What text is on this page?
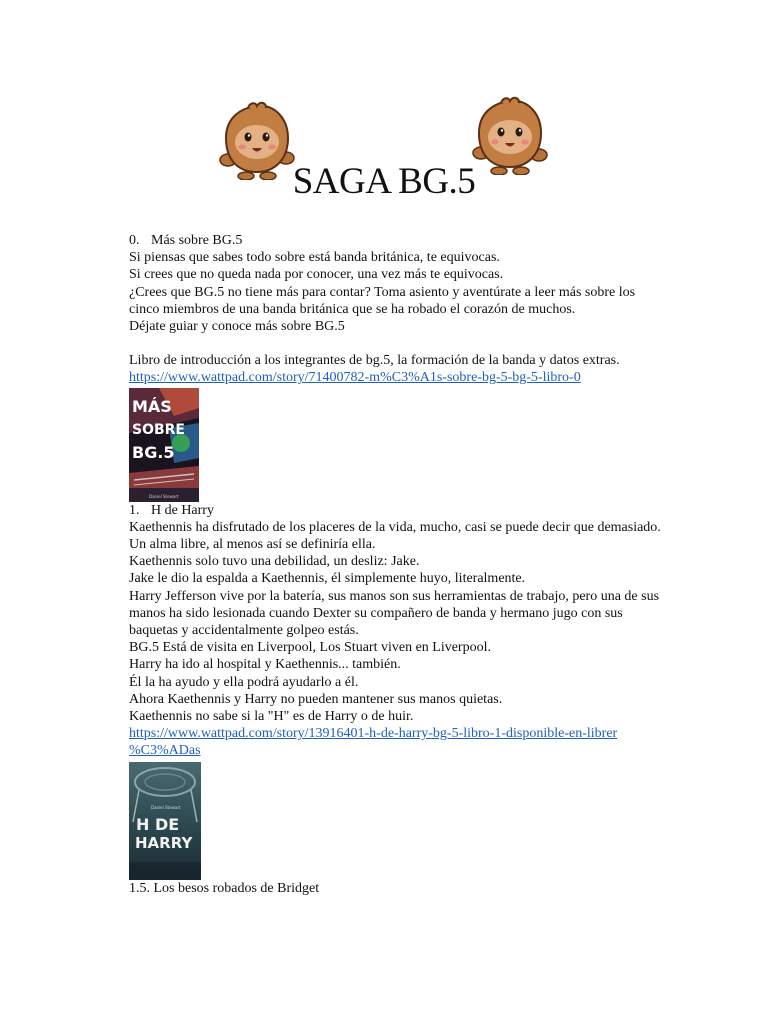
SAGA BG.5
0. Más sobre BG.5
Si piensas que sabes todo sobre está banda británica, te equivocas.
Si crees que no queda nada por conocer, una vez más te equivocas.
¿Crees que BG.5 no tiene más para contar? Toma asiento y aventúrate a leer más sobre los
cinco miembros de una banda británica que se ha robado el corazón de muchos.
Déjate guiar y conoce más sobre BG.5
Libro de introducción a los integrantes de bg.5, la formación de la banda y datos extras.
https://www.wattpad.com/story/71400782-m%C3%A1s-sobre-bg-5-bg-5-libro-0
MÁS
SOBRE
BG.5
Daniel Stewart
1. H de Harry
Kaethennis ha disfrutado de los placeres de la vida, mucho, casi se puede decir que demasiado.
Un alma libre, al menos así se definiría ella.
Kaethennis solo tuvo una debilidad, un desliz: Jake.
Jake le dio la espalda a Kaethennis, él simplemente huyo, literalmente.
Harry Jefferson vive por la batería, sus manos son sus herramientas de trabajo, pero una de sus
manos ha sido lesionada cuando Dexter su compañero de banda y hermano jugo con sus
baquetas y accidentalmente golpeo estás.
BG.5 Está de visita en Liverpool, Los Stuart viven en Liverpool.
Harry ha ido al hospital y Kaethennis... también.
Él la ha ayudo y ella podrá ayudarlo a él.
Ahora Kaethennis y Harry no pueden mantener sus manos quietas.
Kaethennis no sabe si la "H" es de Harry o de huir.
https://www.wattpad.com/story/13916401-h-de-harry-bg-5-libro-1-disponible-en-librer
%C3%ADas
Daniel Stewart
H DE
HARRY
1.5. Los besos robados de Bridget
